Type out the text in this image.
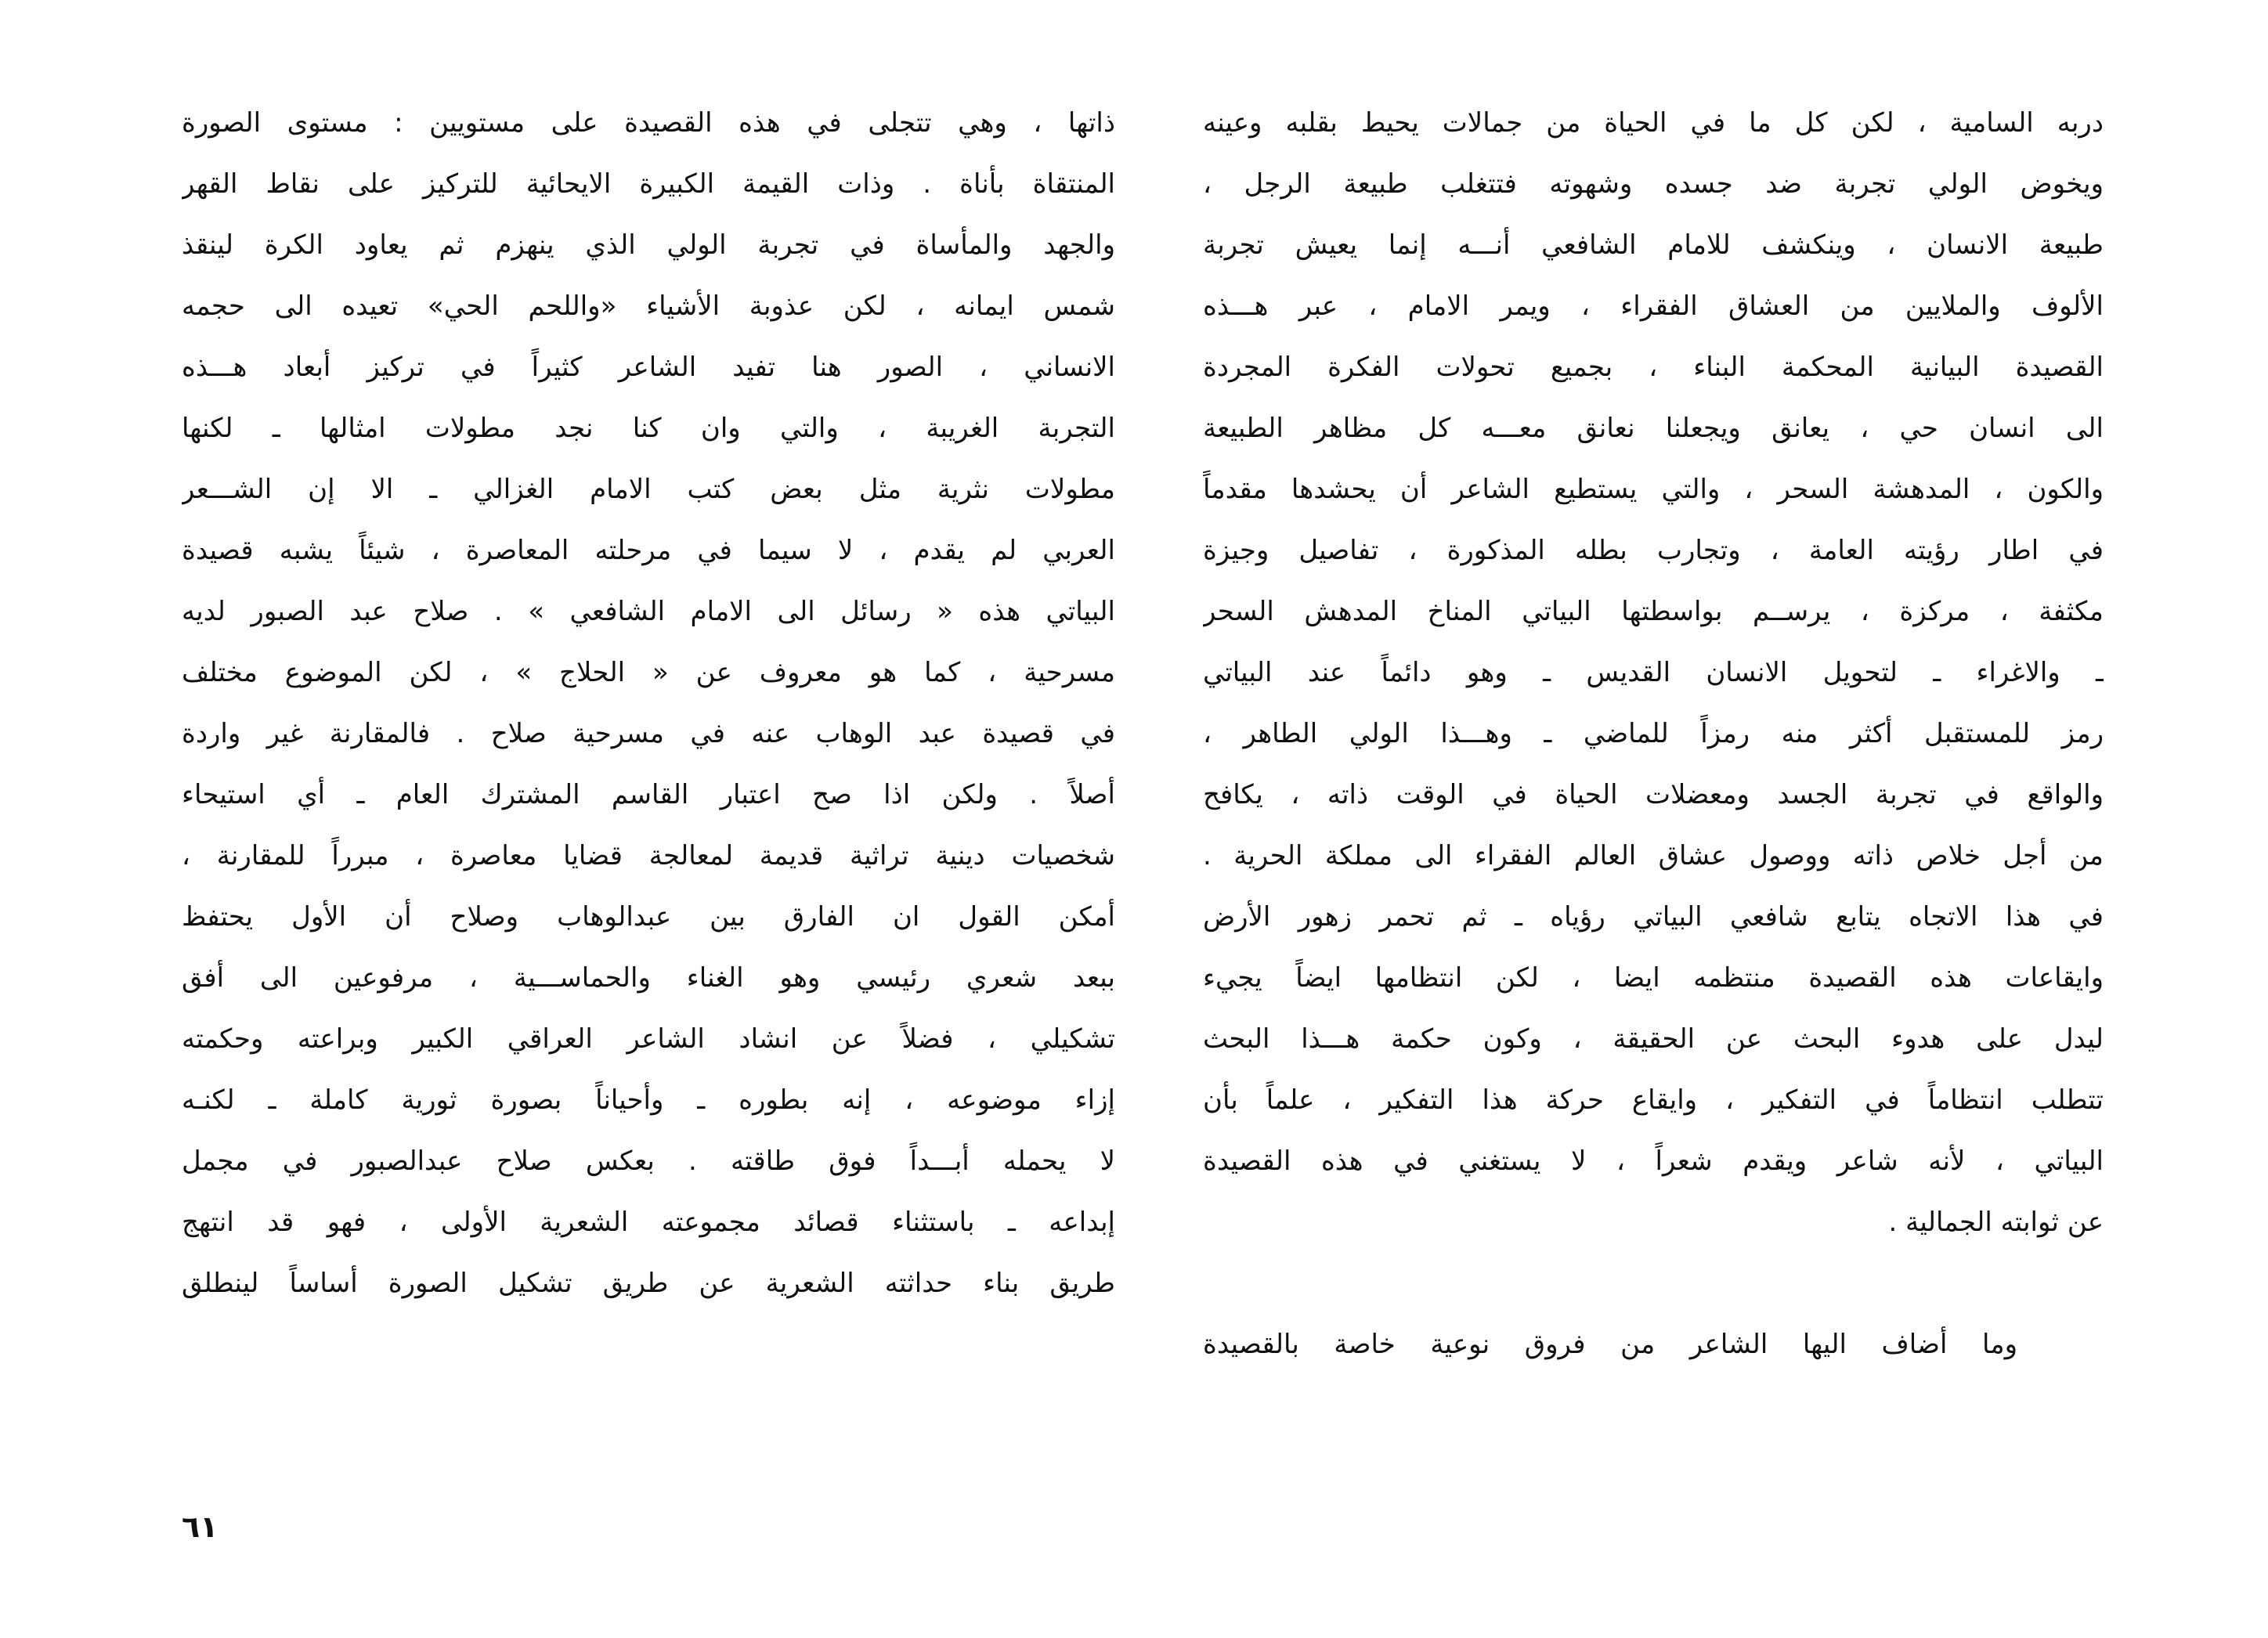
دربه السامية ، لكن كل ما في الحياة من جمالات يحيط بقلبه وعينه
ويخوض الولي تجربة ضد جسده وشهوته فتتغلب طبيعة الرجل ،
طبيعة الانسان ، وينكشف للامام الشافعي أنـــه إنما يعيش تجربة
الألوف والملايين من العشاق الفقراء ، ويمر الامام ، عبر هـــذه
القصيدة البيانية المحكمة البناء ، بجميع تحولات الفكرة المجردة
الى انسان حي ، يعانق ويجعلنا نعانق معـــه كل مظاهر الطبيعة
والكون ، المدهشة السحر ، والتي يستطيع الشاعر أن يحشدها مقدماً
في اطار رؤيته العامة ، وتجارب بطله المذكورة ، تفاصيل وجيزة
مكثفة ، مركزة ، يرســم بواسطتها البياتي المناخ المدهش السحر
ـ والاغراء ـ لتحويل الانسان القديس ـ وهو دائماً عند البياتي
رمز للمستقبل أكثر منه رمزاً للماضي ـ وهـــذا الولي الطاهر ،
والواقع في تجربة الجسد ومعضلات الحياة في الوقت ذاته ، يكافح
من أجل خلاص ذاته ووصول عشاق العالم الفقراء الى مملكة الحرية .
في هذا الاتجاه يتابع شافعي البياتي رؤياه ـ ثم تحمر زهور الأرض
وايقاعات هذه القصيدة منتظمه ايضا ، لكن انتظامها ايضاً يجيء
ليدل على هدوء البحث عن الحقيقة ، وكون حكمة هـــذا البحث
تتطلب انتظاماً في التفكير ، وايقاع حركة هذا التفكير ، علماً بأن
البياتي ، لأنه شاعر ويقدم شعراً ، لا يستغني في هذه القصيدة
عن ثوابته الجمالية .
وما أضاف اليها الشاعر من فروق نوعية خاصة بالقصيدة
ذاتها ، وهي تتجلى في هذه القصيدة على مستويين : مستوى الصورة
المنتقاة بأناة . وذات القيمة الكبيرة الايحائية للتركيز على نقاط القهر
والجهد والمأساة في تجربة الولي الذي ينهزم ثم يعاود الكرة لينقذ
شمس ايمانه ، لكن عذوبة الأشياء «واللحم الحي» تعيده الى حجمه
الانساني ، الصور هنا تفيد الشاعر كثيراً في تركيز أبعاد هـــذه
التجربة الغريبة ، والتي وان كنا نجد مطولات امثالها ـ لكنها
مطولات نثرية مثل بعض كتب الامام الغزالي ـ الا إن الشـــعر
العربي لم يقدم ، لا سيما في مرحلته المعاصرة ، شيئاً يشبه قصيدة
البياتي هذه « رسائل الى الامام الشافعي » . صلاح عبد الصبور لديه
مسرحية ، كما هو معروف عن « الحلاج » ، لكن الموضوع مختلف
في قصيدة عبد الوهاب عنه في مسرحية صلاح . فالمقارنة غير واردة
أصلاً . ولكن اذا صح اعتبار القاسم المشترك العام ـ أي استيحاء
شخصيات دينية تراثية قديمة لمعالجة قضايا معاصرة ، مبرراً للمقارنة ،
أمكن القول ان الفارق بين عبدالوهاب وصلاح أن الأول يحتفظ
ببعد شعري رئيسي وهو الغناء والحماســـية ، مرفوعين الى أفق
تشكيلي ، فضلاً عن انشاد الشاعر العراقي الكبير وبراعته وحكمته
إزاء موضوعه ، إنه بطوره ـ وأحياناً بصورة ثورية كاملة ـ لكنـه
لا يحمله أبـــداً فوق طاقته . بعكس صلاح عبدالصبور في مجمل
إبداعه ـ باستثناء قصائد مجموعته الشعرية الأولى ، فهو قد انتهج
طريق بناء حداثته الشعرية عن طريق تشكيل الصورة أساساً لينطلق
٦١
